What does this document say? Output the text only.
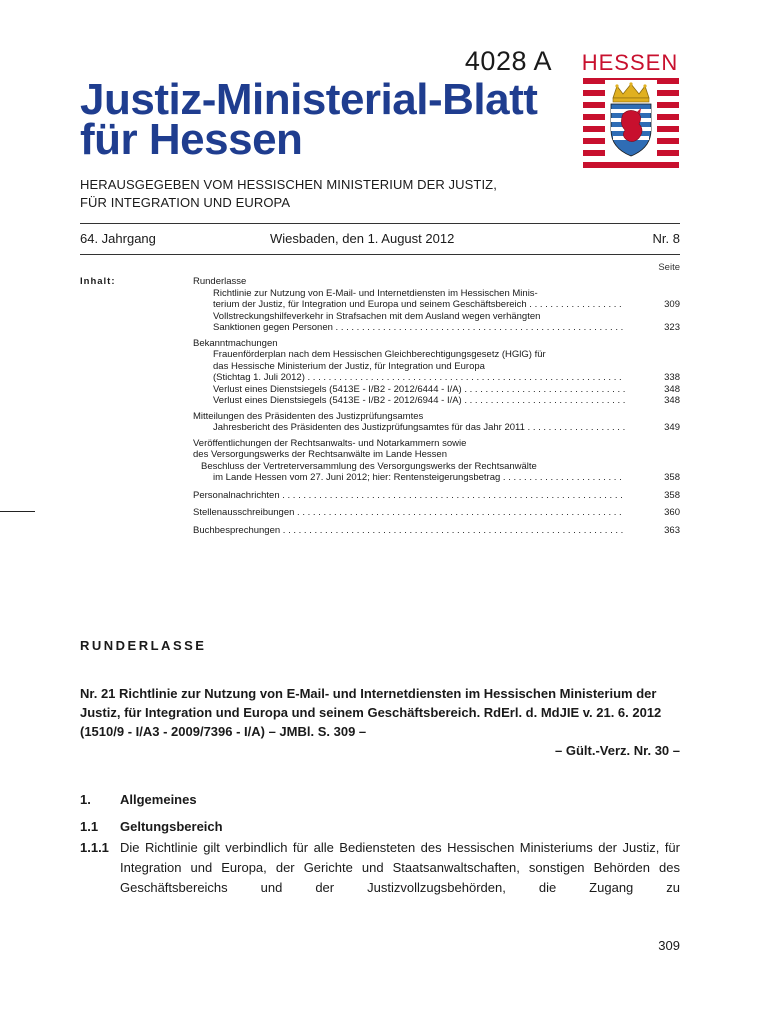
4028 A
Justiz-Ministerial-Blatt
für Hessen
HESSEN
HERAUSGEGEBEN VOM HESSISCHEN MINISTERIUM DER JUSTIZ,
FÜR INTEGRATION UND EUROPA
64. Jahrgang	Wiesbaden, den 1. August 2012	Nr. 8
Seite
Inhalt:	Runderlasse
Richtlinie zur Nutzung von E-Mail- und Internetdiensten im Hessischen Minis-
terium der Justiz, für Integration und Europa und seinem Geschäftsbereich . . .	309
Vollstreckungshilfeverkehr in Strafsachen mit dem Ausland wegen verhängten
Sanktionen gegen Personen . . .	323
Bekanntmachungen
Frauenförderplan nach dem Hessischen Gleichberechtigungsgesetz (HGlG) für
das Hessische Ministerium der Justiz, für Integration und Europa
(Stichtag 1. Juli 2012) . . .	338
Verlust eines Dienstsiegels (5413E - I/B2 - 2012/6444 - I/A) . . .	348
Verlust eines Dienstsiegels (5413E - I/B2 - 2012/6944 - I/A) . . .	348
Mitteilungen des Präsidenten des Justizprüfungsamtes
Jahresbericht des Präsidenten des Justizprüfungsamtes für das Jahr 2011 . . .	349
Veröffentlichungen der Rechtsanwalts- und Notarkammern sowie
des Versorgungswerks der Rechtsanwälte im Lande Hessen
Beschluss der Vertreterversammlung des Versorgungswerks der Rechtsanwälte
im Lande Hessen vom 27. Juni 2012; hier: Rentensteigerungsbetrag . . .	358
Personalnachrichten . . .	358
Stellenausschreibungen . . .	360
Buchbesprechungen . . .	363
RUNDERLASSE
Nr. 21 Richtlinie zur Nutzung von E-Mail- und Internetdiensten im Hessischen Ministerium der Justiz, für Integration und Europa und seinem Geschäftsbereich. RdErl. d. MdJIE v. 21. 6. 2012 (1510/9 - I/A3 - 2009/7396 - I/A) – JMBl. S. 309 –
– Gült.-Verz. Nr. 30 –
1. Allgemeines
1.1 Geltungsbereich
1.1.1 Die Richtlinie gilt verbindlich für alle Bediensteten des Hessischen Ministeriums der Justiz, für Integration und Europa, der Gerichte und Staatsanwaltschaften, sonstigen Behörden des Geschäftsbereichs und der Justizvollzugsbehörden, die Zugang zu

309
